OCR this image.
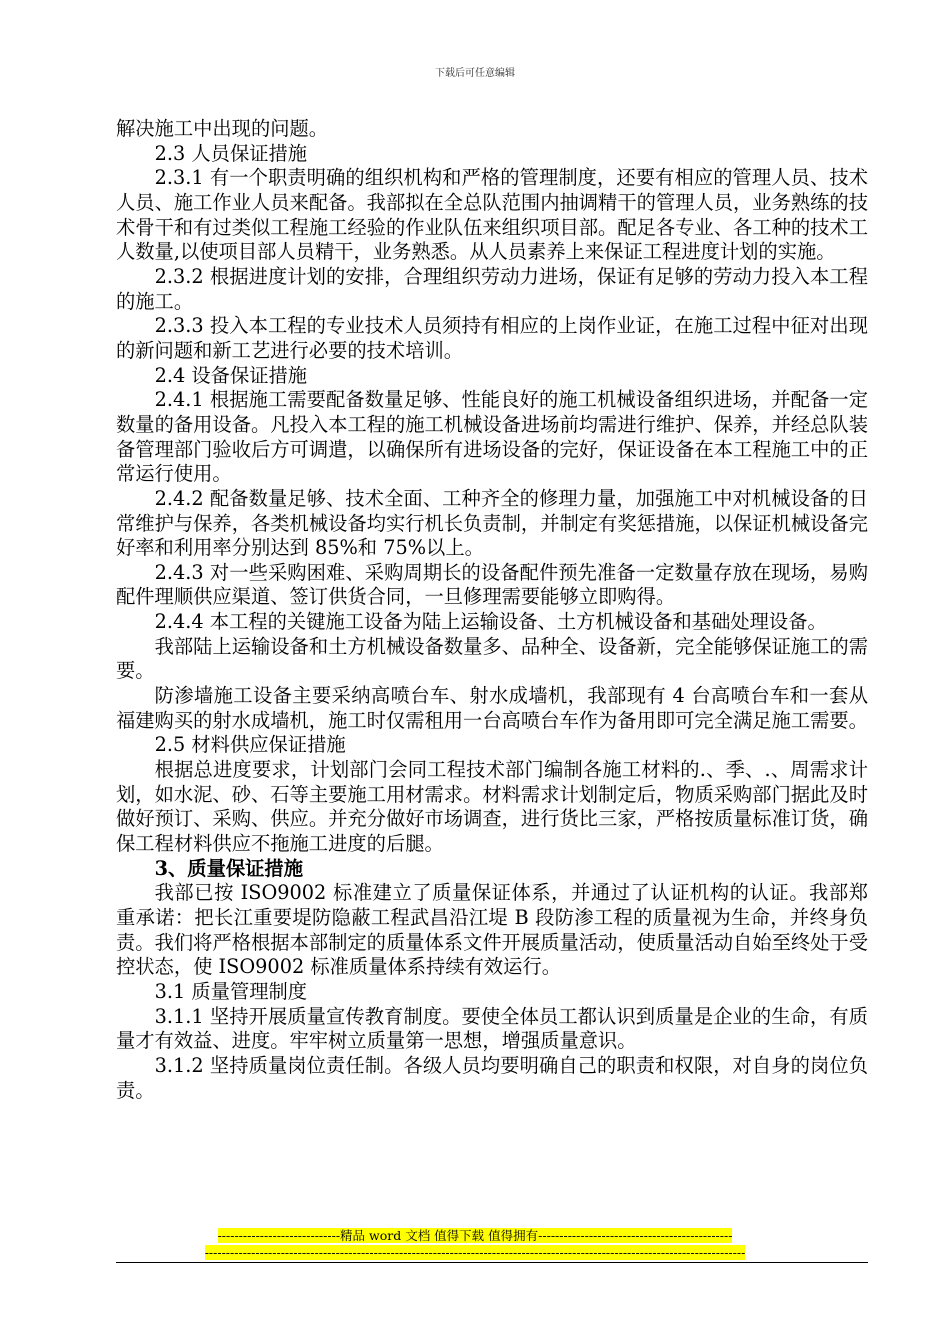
下载后可任意编辑

解决施工中出现的问题。

2.3 人员保证措施

2.3.1 有一个职责明确的组织机构和严格的管理制度，还要有相应的管理人员、技术人员、施工作业人员来配备。我部拟在全总队范围内抽调精干的管理人员，业务熟练的技术骨干和有过类似工程施工经验的作业队伍来组织项目部。配足各专业、各工种的技术工人数量,以使项目部人员精干，业务熟悉。从人员素养上来保证工程进度计划的实施。

2.3.2 根据进度计划的安排，合理组织劳动力进场，保证有足够的劳动力投入本工程的施工。

2.3.3 投入本工程的专业技术人员须持有相应的上岗作业证，在施工过程中征对出现的新问题和新工艺进行必要的技术培训。

2.4 设备保证措施

2.4.1 根据施工需要配备数量足够、性能良好的施工机械设备组织进场，并配备一定数量的备用设备。凡投入本工程的施工机械设备进场前均需进行维护、保养，并经总队装备管理部门验收后方可调遣，以确保所有进场设备的完好，保证设备在本工程施工中的正常运行使用。

2.4.2 配备数量足够、技术全面、工种齐全的修理力量，加强施工中对机械设备的日常维护与保养，各类机械设备均实行机长负责制，并制定有奖惩措施，以保证机械设备完好率和利用率分别达到 85%和 75%以上。

2.4.3 对一些采购困难、采购周期长的设备配件预先准备一定数量存放在现场，易购配件理顺供应渠道、签订供货合同，一旦修理需要能够立即购得。

2.4.4 本工程的关键施工设备为陆上运输设备、土方机械设备和基础处理设备。

我部陆上运输设备和土方机械设备数量多、品种全、设备新，完全能够保证施工的需要。

防渗墙施工设备主要采纳高喷台车、射水成墙机，我部现有 4 台高喷台车和一套从福建购买的射水成墙机，施工时仅需租用一台高喷台车作为备用即可完全满足施工需要。

2.5 材料供应保证措施

根据总进度要求，计划部门会同工程技术部门编制各施工材料的.、季、.、周需求计划，如水泥、砂、石等主要施工用材需求。材料需求计划制定后，物质采购部门据此及时做好预订、采购、供应。并充分做好市场调查，进行货比三家，严格按质量标准订货，确保工程材料供应不拖施工进度的后腿。

3、质量保证措施

我部已按 ISO9002 标准建立了质量保证体系，并通过了认证机构的认证。我部郑重承诺：把长江重要堤防隐蔽工程武昌沿江堤 B 段防渗工程的质量视为生命，并终身负责。我们将严格根据本部制定的质量体系文件开展质量活动，使质量活动自始至终处于受控状态，使 ISO9002 标准质量体系持续有效运行。

3.1 质量管理制度

3.1.1 坚持开展质量宣传教育制度。要使全体员工都认识到质量是企业的生命，有质量才有效益、进度。牢牢树立质量第一思想，增强质量意识。

3.1.2 坚持质量岗位责任制。各级人员均要明确自己的职责和权限，对自身的岗位负责。

-----------------------------精品 word 文档 值得下载 值得拥有----------------------------------------------
--------------------------------------------------------------------------------------------------------------------------------
